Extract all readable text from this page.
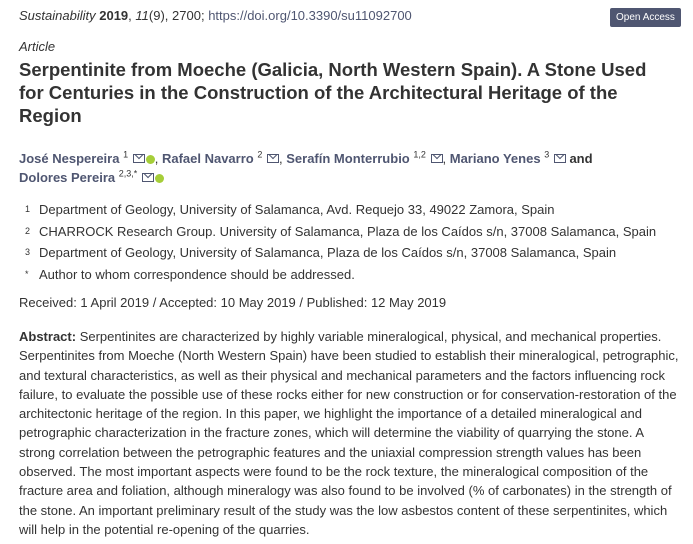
Sustainability 2019, 11(9), 2700; https://doi.org/10.3390/su11092700	Open Access
Article
Serpentinite from Moeche (Galicia, North Western Spain). A Stone Used for Centuries in the Construction of the Architectural Heritage of the Region
José Nespereira $^1$ , Rafael Navarro $^2$ , Serafín Monterrubio $^{1,2}$ , Mariano Yenes $^3$ and
Dolores Pereira $^{2,3,*}$
1 Department of Geology, University of Salamanca, Avd. Requejo 33, 49022 Zamora, Spain
2 CHARROCK Research Group. University of Salamanca, Plaza de los Caídos s/n, 37008 Salamanca, Spain
3 Department of Geology, University of Salamanca, Plaza de los Caídos s/n, 37008 Salamanca, Spain
* Author to whom correspondence should be addressed.
Received: 1 April 2019 / Accepted: 10 May 2019 / Published: 12 May 2019
Abstract: Serpentinites are characterized by highly variable mineralogical, physical, and mechanical properties. Serpentinites from Moeche (North Western Spain) have been studied to establish their mineralogical, petrographic, and textural characteristics, as well as their physical and mechanical parameters and the factors influencing rock failure, to evaluate the possible use of these rocks either for new construction or for conservation-restoration of the architectonic heritage of the region. In this paper, we highlight the importance of a detailed mineralogical and petrographic characterization in the fracture zones, which will determine the viability of quarrying the stone. A strong correlation between the petrographic features and the uniaxial compression strength values has been observed. The most important aspects were found to be the rock texture, the mineralogical composition of the fracture area and foliation, although mineralogy was also found to be involved (% of carbonates) in the strength of the stone. An important preliminary result of the study was the low asbestos content of these serpentinites, which will help in the potential re-opening of the quarries.
